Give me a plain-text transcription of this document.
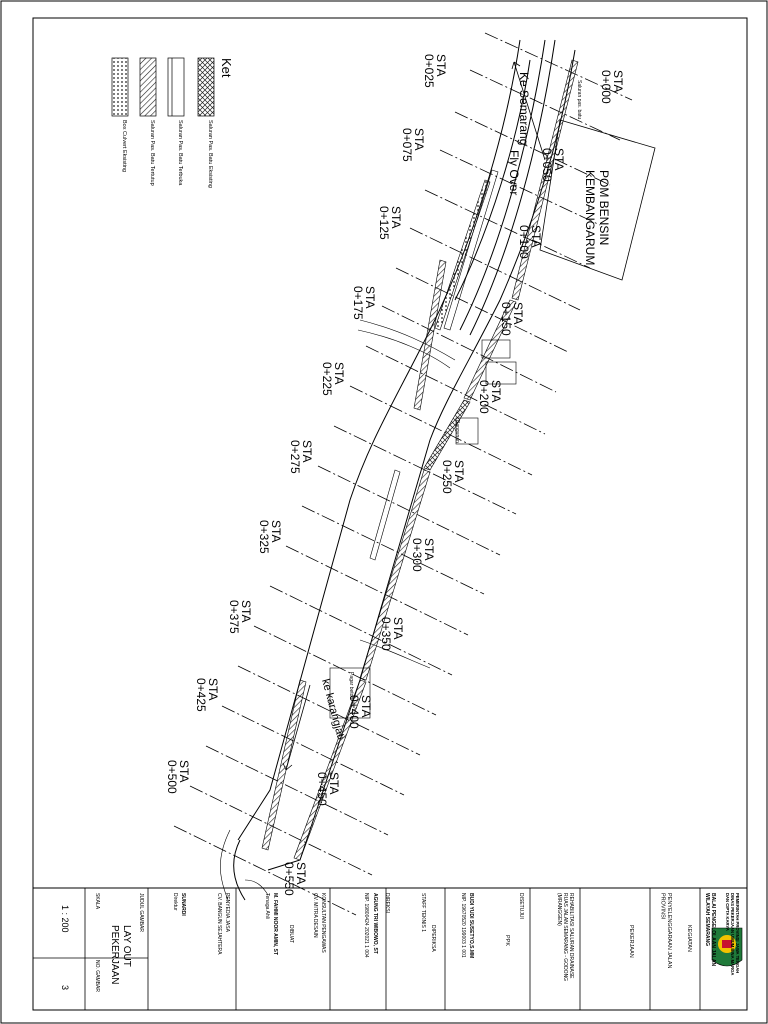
Ke Semarang
Fly Over
ke karangjati
POM BENSIN KEMBANGARUM
Saluran pas. batu
Bangunan
Pagar beton
STA0+000
STA0+050
STA0+100
STA0+150
STA0+200
STA0+250
STA0+300
STA0+350
STA0+400
STA0+450
STA0+550
STA0+025
STA0+075
STA0+125
STA0+175
STA0+225
STA0+275
STA0+325
STA0+375
STA0+425
STA0+500
Ket
Saluran Pas. Batu Eksisting
Saluran Pas. Batu Terbuka
Saluran Pas. Batu Tertutup
Box Culvert Eksisting
PEMERINTAH PROVINSI JAWA TENGAHDINAS PEKERJAAN UMUM BINA MARGADAN CIPTA KARYA
BALAI PENGELOLAAN JALANWILAYAH SEMARANG
KEGIATAN
PENYELENGGARAAN JALANPROVINSI
PEKERJAAN
REHABILITASI SALURAN DRAINASERUAS JALAN SEMARANG - GODONG(MRANGGEN)
DISETUJUI
PPK
BUDI YUDI SUSETYO,S.MM
NIP. 19670520 199003 1 001
DIPERIKSA
STAFF TEKNIS 1
DIREKSI
AGUNG TRI WIBOWO, ST
NIP. 19800424 202021 1 004
KONSULTAN PENGAWAS
CV. MITRA DESAIN
DIBUAT
M. FAHMI NOOR AMIN, ST
Tenaga Ahli
PENYEDIA JASA
CV. BANGUN SEJAHTERA
SUNARDI
Direktur
JUDUL GAMBAR
LAY OUTPEKERJAAN
SKALA
1 : 200
NO. GAMBAR
3
